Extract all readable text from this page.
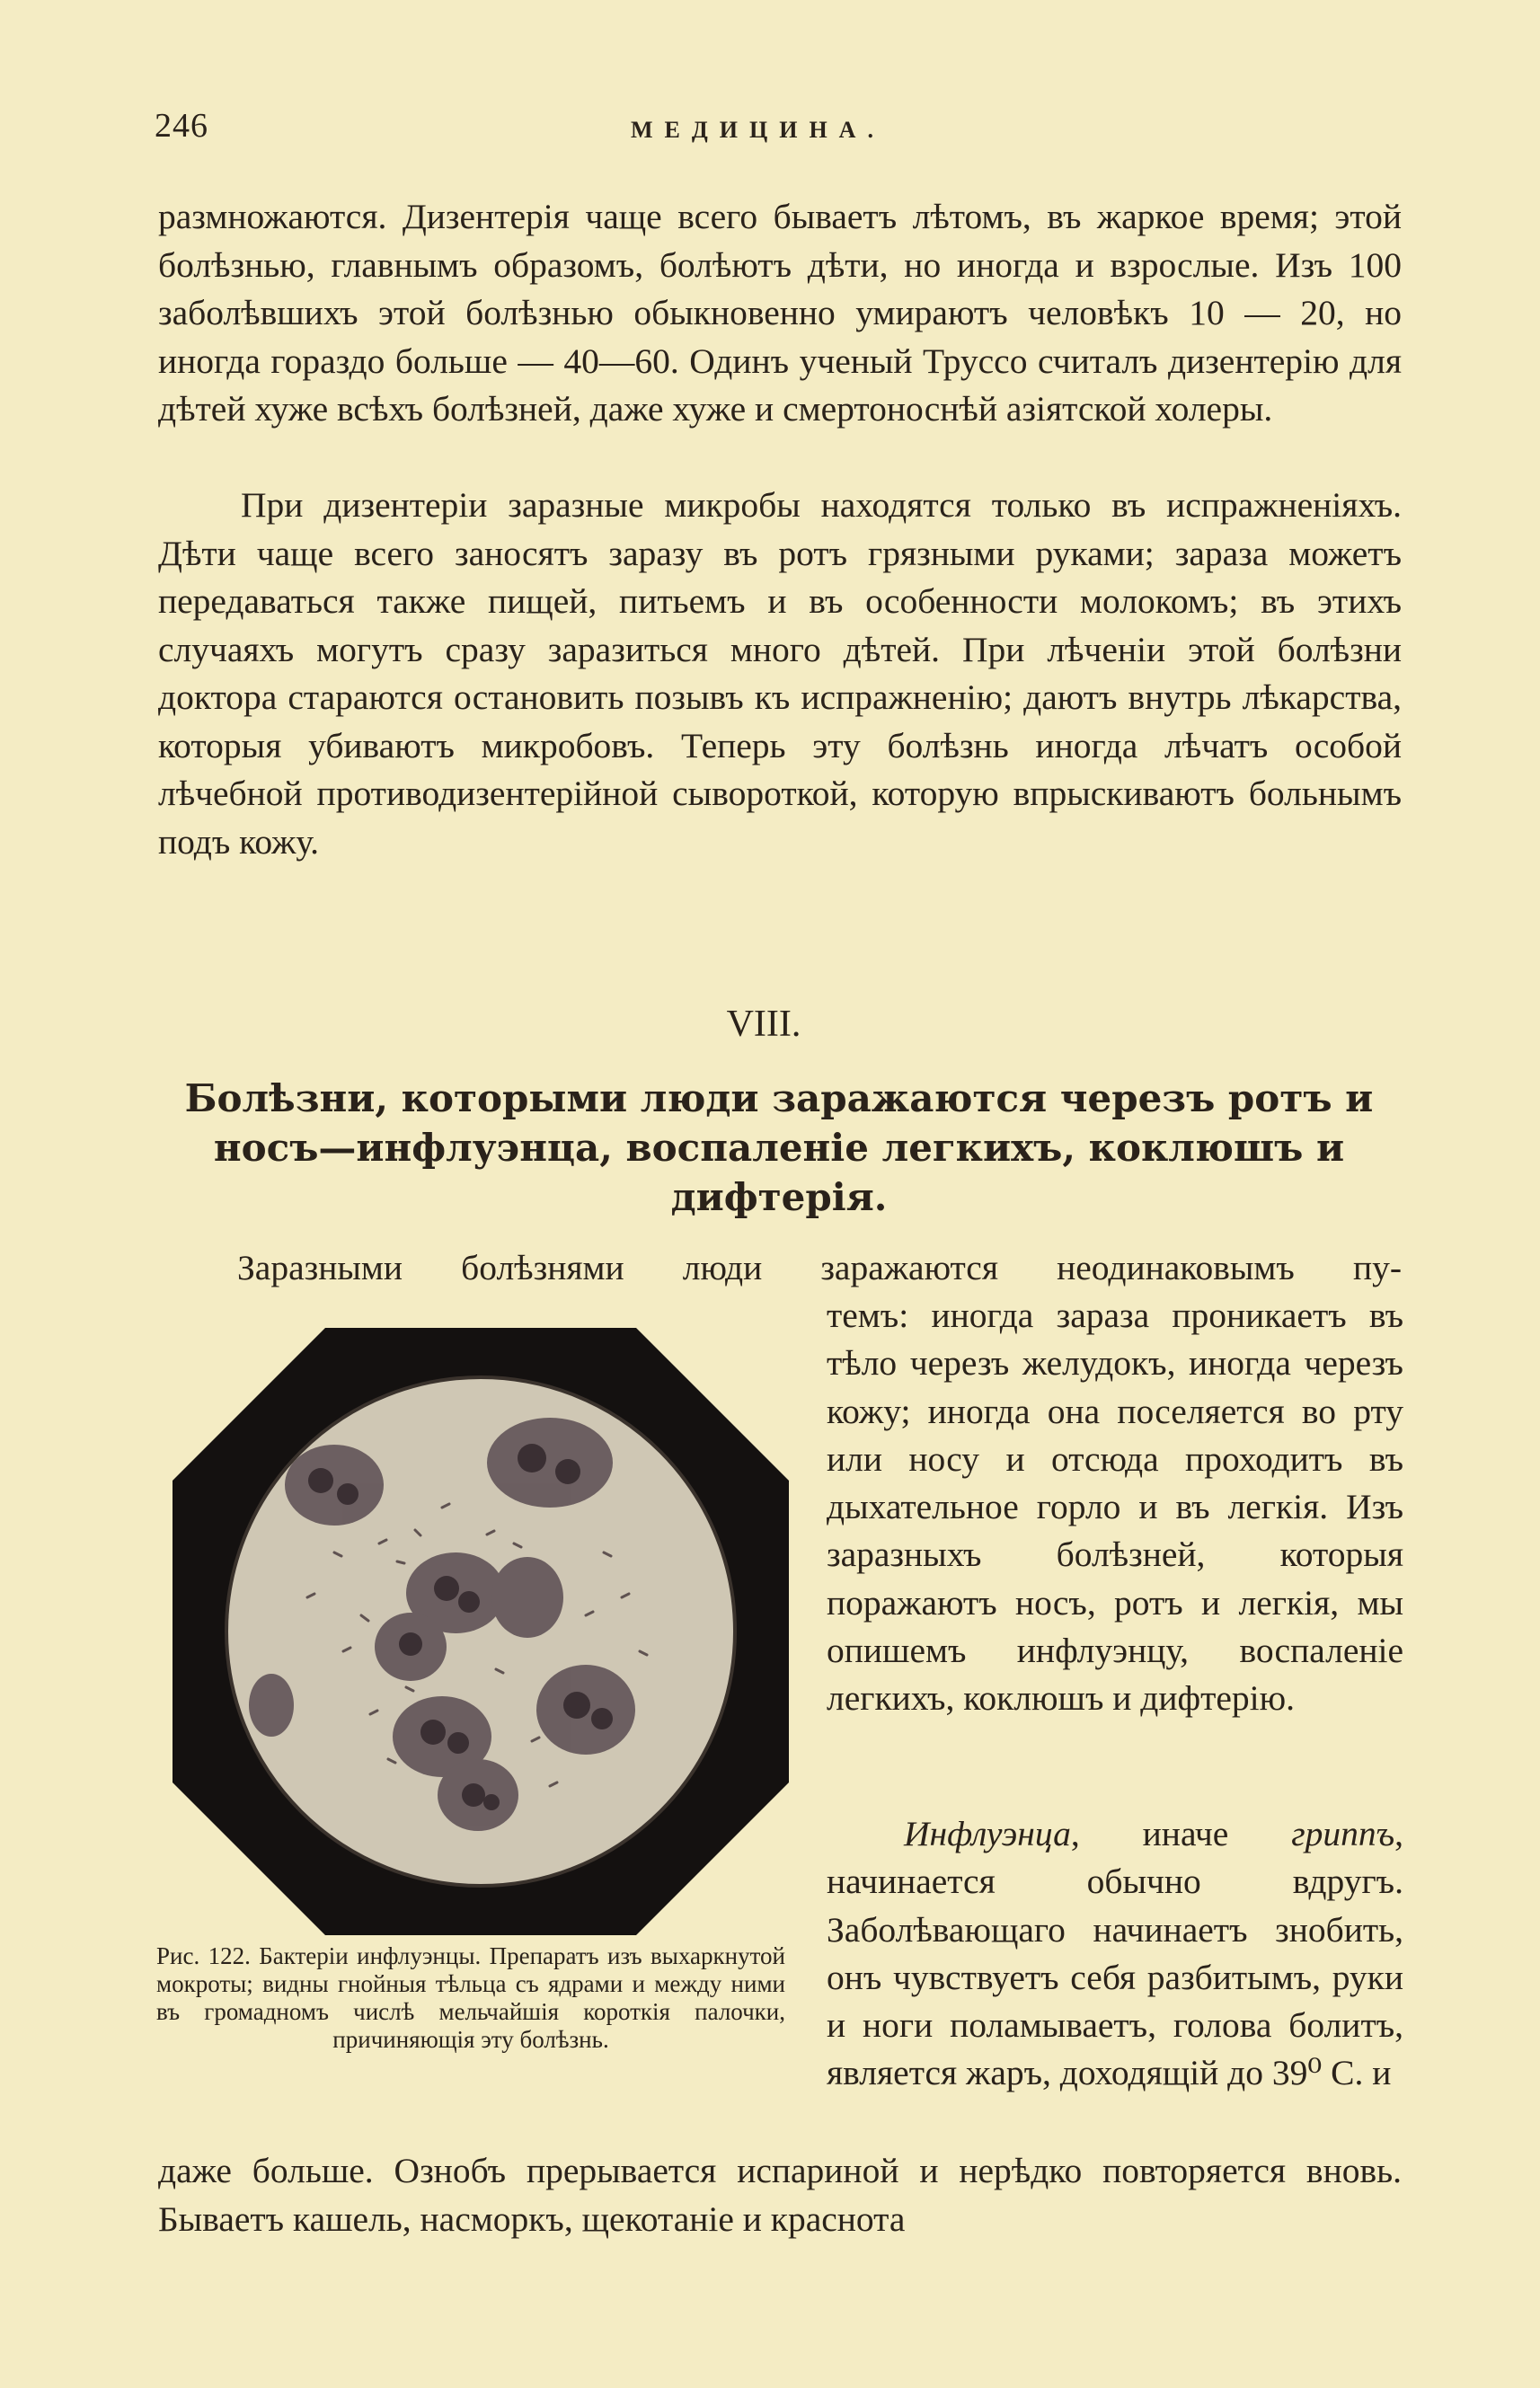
246	МЕДИЦИНА.

размножаются. Дизентерія чаще всего бываетъ лѣтомъ, въ жаркое время; этой болѣзнью, главнымъ образомъ, болѣютъ дѣти, но иногда и взрослые. Изъ 100 заболѣвшихъ этой болѣзнью обыкновенно умираютъ человѣкъ 10 — 20, но иногда гораздо больше — 40—60. Одинъ ученый Труссо считалъ дизентерію для дѣтей хуже всѣхъ болѣзней, даже хуже и смертоноснѣй азіятской холеры.

При дизентеріи заразные микробы находятся только въ испражненіяхъ. Дѣти чаще всего заносятъ заразу въ ротъ грязными руками; зараза можетъ передаваться также пищей, питьемъ и въ особенности молокомъ; въ этихъ случаяхъ могутъ сразу заразиться много дѣтей. При лѣченіи этой болѣзни доктора стараются остановить позывъ къ испражненію; даютъ внутрь лѣкарства, которыя убиваютъ микробовъ. Теперь эту болѣзнь иногда лѣчатъ особой лѣчебной противодизентерійной сывороткой, которую впрыскиваютъ больнымъ подъ кожу.

VIII.
Болѣзни, которыми люди заражаются черезъ ротъ и носъ—инфлуэнца, воспаленіе легкихъ, коклюшъ и дифтерія.

Заразными болѣзнями люди заражаются неодинаковымъ пу-

темъ: иногда зараза проникаетъ въ тѣло черезъ желудокъ, иногда черезъ кожу; иногда она поселяется во рту или носу и отсюда проходитъ въ дыхательное горло и въ легкія. Изъ заразныхъ болѣзней, которыя поражаютъ носъ, ротъ и легкія, мы опишемъ инфлуэнцу, воспаленіе легкихъ, коклюшъ и дифтерію.

Инфлуэнца, иначе гриппъ, начинается обычно вдругъ. Заболѣвающаго начинаетъ знобить, онъ чувствуетъ себя разбитымъ, руки и ноги поламываетъ, голова болитъ, является жаръ, доходящій до 39⁰ С. и

Рис. 122. Бактеріи инфлуэнцы. Препаратъ изъ выхаркнутой мокроты; видны гнойныя тѣльца съ ядрами и между ними въ громадномъ числѣ мельчайшія короткія палочки, причиняющія эту болѣзнь.

даже больше. Ознобъ прерывается испариной и нерѣдко повторяется вновь. Бываетъ кашель, насморкъ, щекотаніе и краснота
